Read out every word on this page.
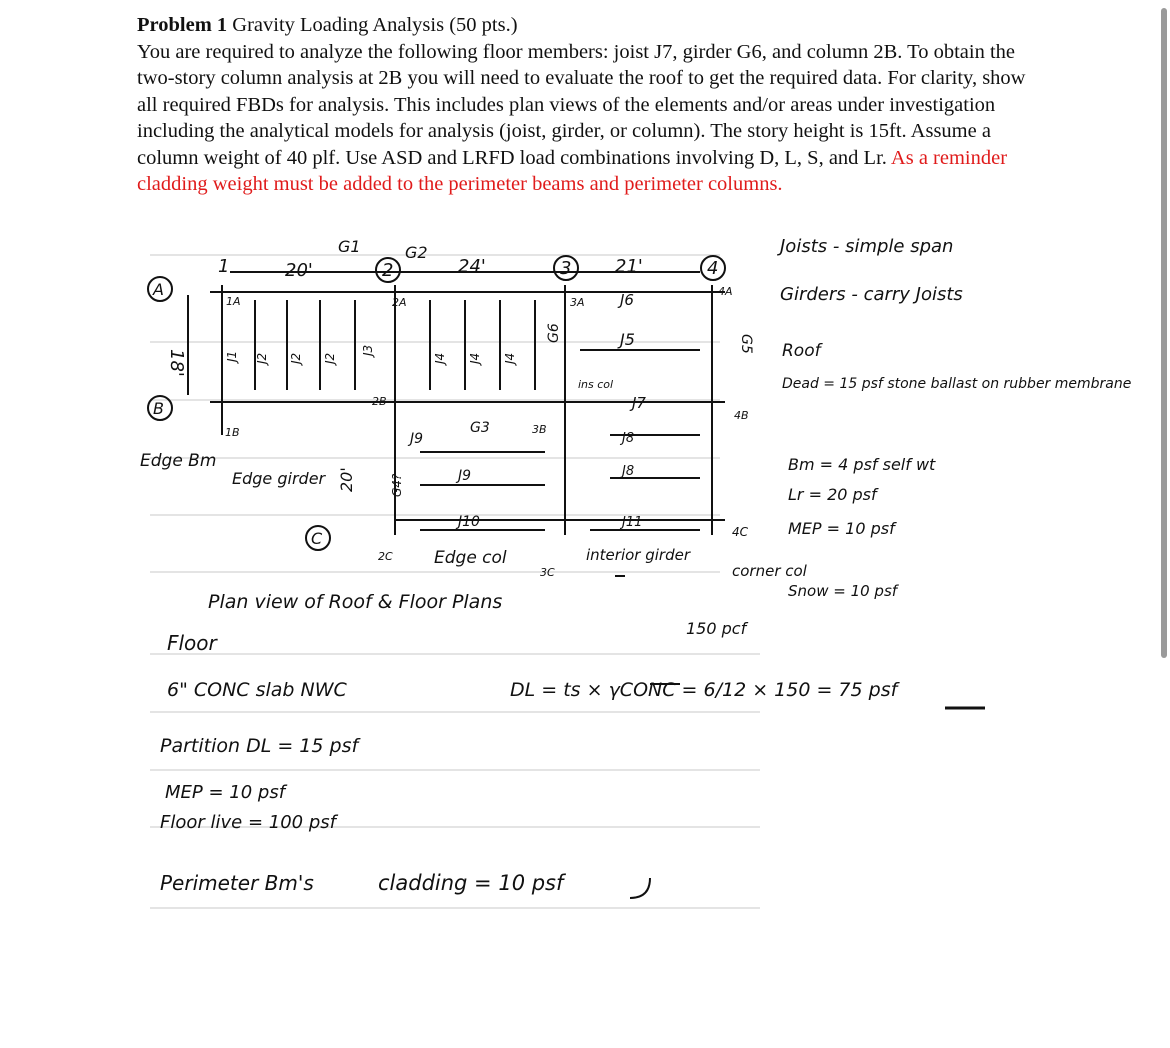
Problem 1 Gravity Loading Analysis (50 pts.)
You are required to analyze the following floor members: joist J7, girder G6, and column 2B. To obtain the two-story column analysis at 2B you will need to evaluate the roof to get the required data. For clarity, show all required FBDs for analysis. This includes plan views of the elements and/or areas under investigation including the analytical models for analysis (joist, girder, or column). The story height is 15ft. Assume a column weight of 40 plf. Use ASD and LRFD load combinations involving D, L, S, and Lr. As a reminder cladding weight must be added to the perimeter beams and perimeter columns.
1	2	3	4
A
B
C
20'	24'	21'
18'
20'
G1	G2
G3
G6
G4?
G5
J1 J2 J2 J2
J3
J4 J4 J4
J5
J6
J7
J8
J8
J9
J9
J10	J11
1A	2A	3A
4A
1B
2B
3B
4B
2C
3C
4C
ins col
Edge Bm
Edge girder
Edge col	interior girder
corner col
Plan view of Roof & Floor Plans
Joists - simple span
Girders - carry Joists
Roof
Dead = 15 psf stone ballast on rubber membrane
Bm = 4 psf self wt
Lr = 20 psf
MEP = 10 psf
Snow = 10 psf
Floor
6" CONC slab NWC	DL = ts × γCONC = 6/12 × 150 = 75 psf
150 pcf
Partition DL = 15 psf
MEP = 10 psf
Floor live = 100 psf
Perimeter Bm's	cladding = 10 psf
